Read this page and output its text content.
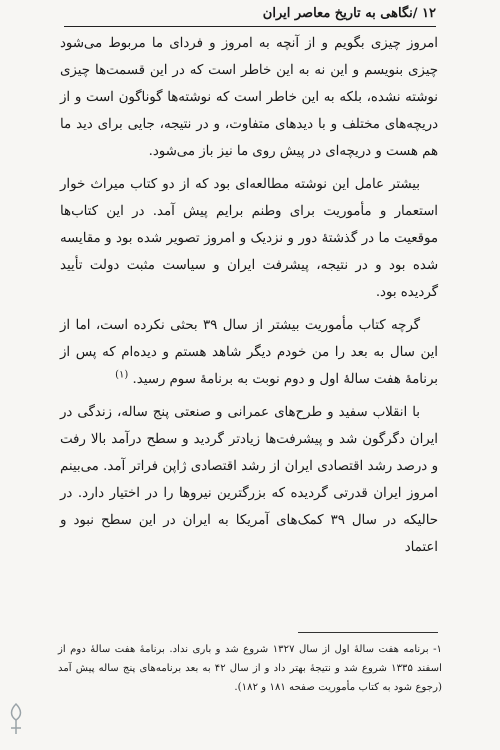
۱۲ /نگاهی به تاریخ معاصر ایران

امروز چیزی بگویم و از آنچه به امروز و فردای ما مربوط می‌شود چیزی بنویسم و این نه به این خاطر است که در این قسمت‌ها چیزی نوشته نشده، بلکه به این خاطر است که نوشته‌ها گوناگون است و از دریچه‌های مختلف و با دیدهای متفاوت، و در نتیجه، جایی برای دید ما هم هست و دریچه‌ای در پیش روی ما نیز باز می‌شود.

بیشتر عامل این نوشته مطالعه‌ای بود که از دو کتاب میراث خوار استعمار و مأموریت برای وطنم برایم پیش آمد. در این کتاب‌ها موقعیت ما در گذشتهٔ دور و نزدیک و امروز تصویر شده بود و مقایسه شده بود و در نتیجه، پیشرفت ایران و سیاست مثبت دولت تأیید گردیده بود.

گرچه کتاب مأموریت بیشتر از سال ۳۹ بحثی نکرده است، اما از این سال به بعد را من خودم دیگر شاهد هستم و دیده‌ام که پس از برنامهٔ هفت سالهٔ اول و دوم نوبت به برنامهٔ سوم رسید. $^{(۱)}$

با انقلاب سفید و طرح‌های عمرانی و صنعتی پنج ساله، زندگی در ایران دگرگون شد و پیشرفت‌ها زیادتر گردید و سطح درآمد بالا رفت و درصد رشد اقتصادی ایران از رشد اقتصادی ژاپن فراتر آمد. می‌بینم امروز ایران قدرتی گردیده که بزرگترین نیروها را در اختیار دارد. در حالیکه در سال ۳۹ کمک‌های آمریکا به ایران در این سطح نبود و اعتماد

۱- برنامه هفت سالهٔ اول از سال ۱۳۲۷ شروع شد و باری نداد. برنامهٔ هفت سالهٔ دوم از اسفند ۱۳۳۵ شروع شد و نتیجهٔ بهتر داد و از سال ۴۲ به بعد برنامه‌های پنج ساله پیش آمد (رجوع شود به کتاب مأموریت صفحه ۱۸۱ و ۱۸۲).
